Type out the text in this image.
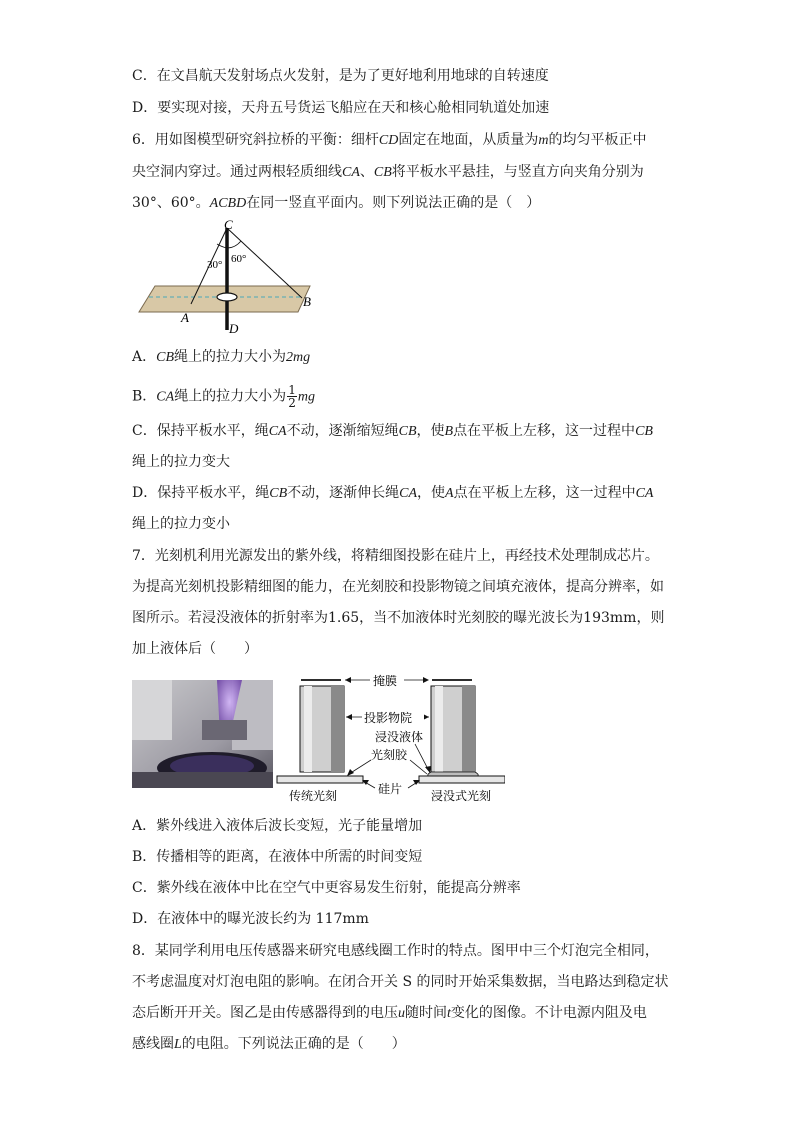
C．在文昌航天发射场点火发射，是为了更好地利用地球的自转速度
D．要实现对接，天舟五号货运飞船应在天和核心舱相同轨道处加速
6．用如图模型研究斜拉桥的平衡：细杆CD固定在地面，从质量为m的均匀平板正中
央空洞内穿过。通过两根轻质细线CA、CB将平板水平悬挂，与竖直方向夹角分别为
30°、60°。ACBD在同一竖直平面内。则下列说法正确的是（　）
C
D
A
B
30° 60°
A．CB绳上的拉力大小为2mg
B．CA绳上的拉力大小为 $\frac{1}{2}$ mg
C．保持平板水平，绳CA不动，逐渐缩短绳CB，使B点在平板上左移，这一过程中CB
绳上的拉力变大
D．保持平板水平，绳CB不动，逐渐伸长绳CA，使A点在平板上左移，这一过程中CA
绳上的拉力变小
7．光刻机利用光源发出的紫外线，将精细图投影在硅片上，再经技术处理制成芯片。
为提高光刻机投影精细图的能力，在光刻胶和投影物镜之间填充液体，提高分辨率，如
图所示。若浸没液体的折射率为1.65，当不加液体时光刻胶的曝光波长为193mm，则
加上液体后（　　）
掩膜
投影物院
浸没液体
光刻胶
硅片
传统光刻	浸没式光刻
A．紫外线进入液体后波长变短，光子能量增加
B．传播相等的距离，在液体中所需的时间变短
C．紫外线在液体中比在空气中更容易发生衍射，能提高分辨率
D．在液体中的曝光波长约为 117mm
8．某同学利用电压传感器来研究电感线圈工作时的特点。图甲中三个灯泡完全相同，
不考虑温度对灯泡电阻的影响。在闭合开关 S 的同时开始采集数据，当电路达到稳定状
态后断开开关。图乙是由传感器得到的电压u随时间t变化的图像。不计电源内阻及电
感线圈L的电阻。下列说法正确的是（　　）
